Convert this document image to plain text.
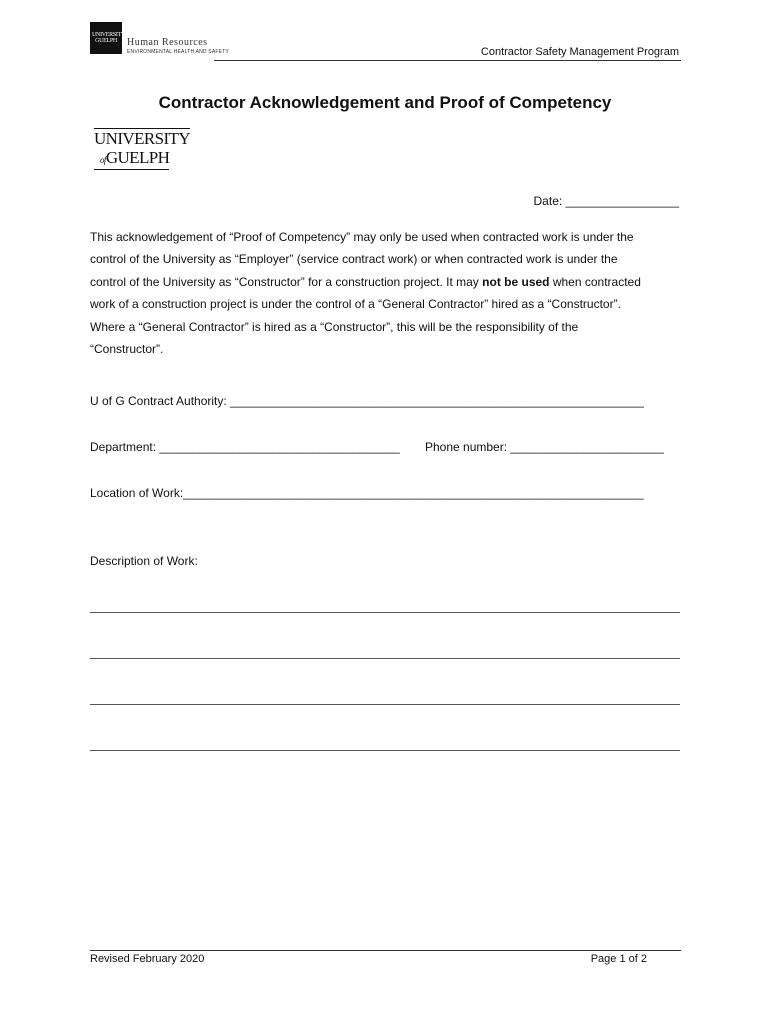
UNIVERSITY
GUELPH	Human Resources
ENVIRONMENTAL HEALTH AND SAFETY	Contractor Safety Management Program
Contractor Acknowledgement and Proof of Competency
UNIVERSITY
ofGUELPH
Date: _________________

This acknowledgement of “Proof of Competency” may only be used when contracted work is under the

control of the University as “Employer” (service contract work) or when contracted work is under the

control of the University as “Constructor” for a construction project. It may not be used when contracted

work of a construction project is under the control of a “General Contractor” hired as a “Constructor”.

Where a “General Contractor” is hired as a “Constructor”, this will be the responsibility of the

“Constructor”.

U of G Contract Authority: ______________________________________________________________
Department: ____________________________________ Phone number: _______________________
Location of Work:_____________________________________________________________________
Description of Work:
Revised February 2020	Page 1 of 2
